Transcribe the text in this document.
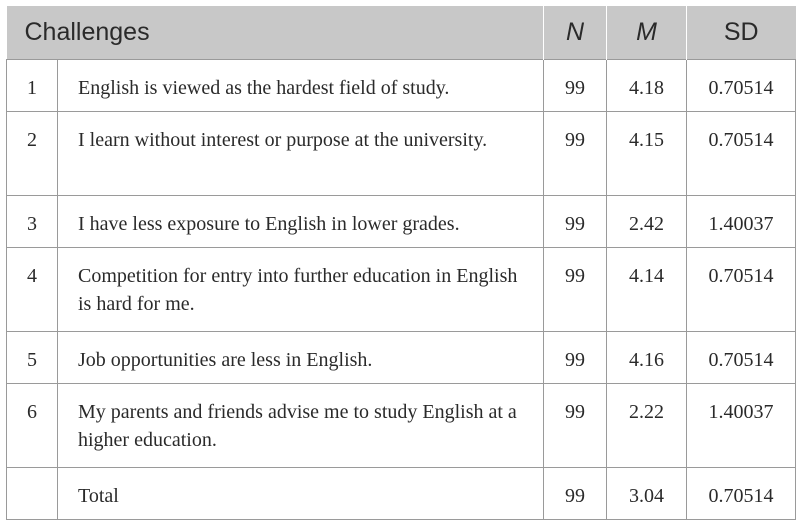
Challenges		N	M	SD
1	English is viewed as the hardest field of study.	99	4.18	0.70514
2	I learn without interest or purpose at the university.	99	4.15	0.70514
3	I have less exposure to English in lower grades.	99	2.42	1.40037
4	Competition for entry into further education in English is hard for me.	99	4.14	0.70514
5	Job opportunities are less in English.	99	4.16	0.70514
6	My parents and friends advise me to study English at a higher education.	99	2.22	1.40037
	Total	99	3.04	0.70514
